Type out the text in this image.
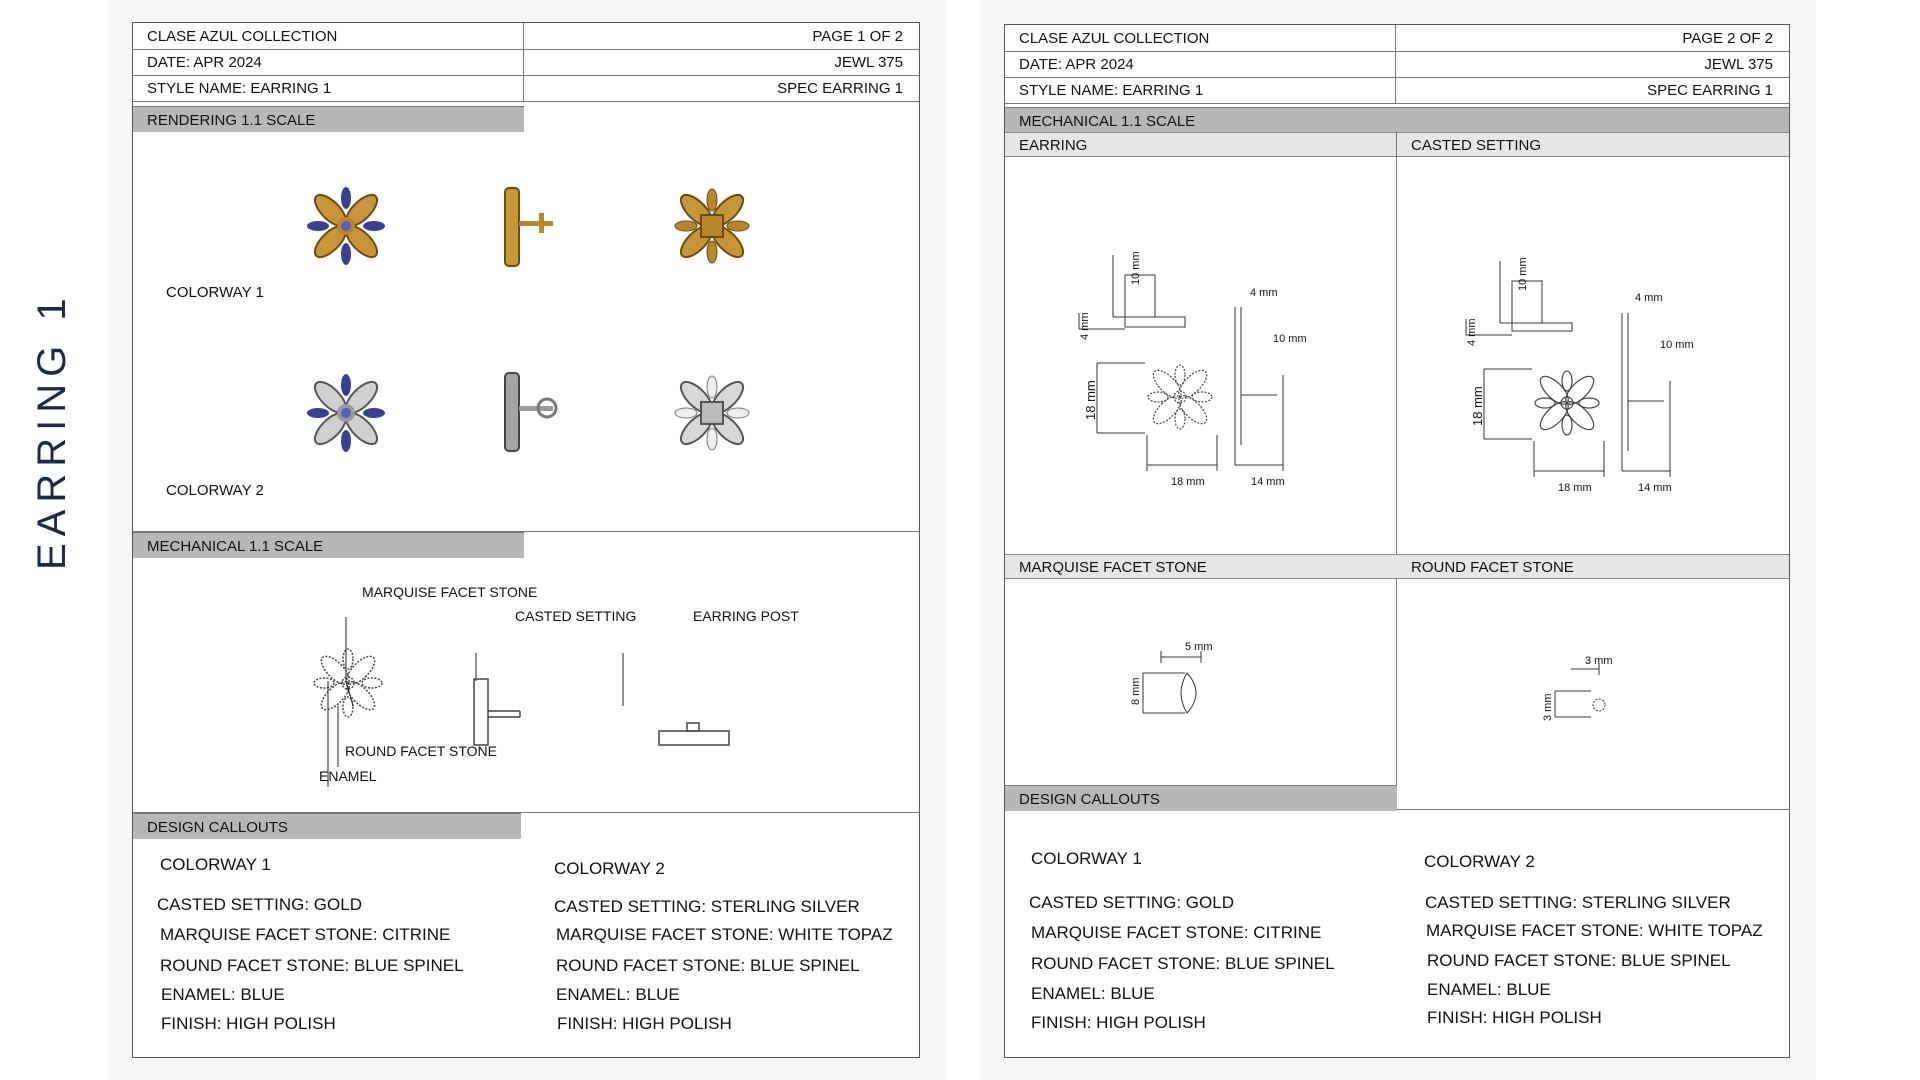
EARRING 1
CLASE AZUL COLLECTION	PAGE 1 OF 2
DATE: APR 2024	JEWL 375
STYLE NAME: EARRING 1	SPEC EARRING 1
RENDERING 1.1 SCALE
COLORWAY 1
COLORWAY 2
MECHANICAL 1.1 SCALE
MARQUISE FACET STONE
CASTED SETTING	EARRING POST
ROUND FACET STONE
ENAMEL
DESIGN CALLOUTS
COLORWAY 1
CASTED SETTING: GOLD
MARQUISE FACET STONE: CITRINE
ROUND FACET STONE: BLUE SPINEL
ENAMEL: BLUE
FINISH: HIGH POLISH
COLORWAY 2
CASTED SETTING: STERLING SILVER
MARQUISE FACET STONE: WHITE TOPAZ
ROUND FACET STONE: BLUE SPINEL
ENAMEL: BLUE
FINISH: HIGH POLISH
CLASE AZUL COLLECTION	PAGE 2 OF 2
DATE: APR 2024	JEWL 375
STYLE NAME: EARRING 1	SPEC EARRING 1
MECHANICAL 1.1 SCALE
EARRING	CASTED SETTING
10 mm
4 mm
18 mm
18 mm	14 mm
4 mm
10 mm
10 mm
4 mm
18 mm
18 mm	14 mm
4 mm
10 mm
MARQUISE FACET STONE	ROUND FACET STONE
5 mm
8 mm
3 mm
3 mm
DESIGN CALLOUTS
COLORWAY 1
CASTED SETTING: GOLD
MARQUISE FACET STONE: CITRINE
ROUND FACET STONE: BLUE SPINEL
ENAMEL: BLUE
FINISH: HIGH POLISH
COLORWAY 2
CASTED SETTING: STERLING SILVER
MARQUISE FACET STONE: WHITE TOPAZ
ROUND FACET STONE: BLUE SPINEL
ENAMEL: BLUE
FINISH: HIGH POLISH
